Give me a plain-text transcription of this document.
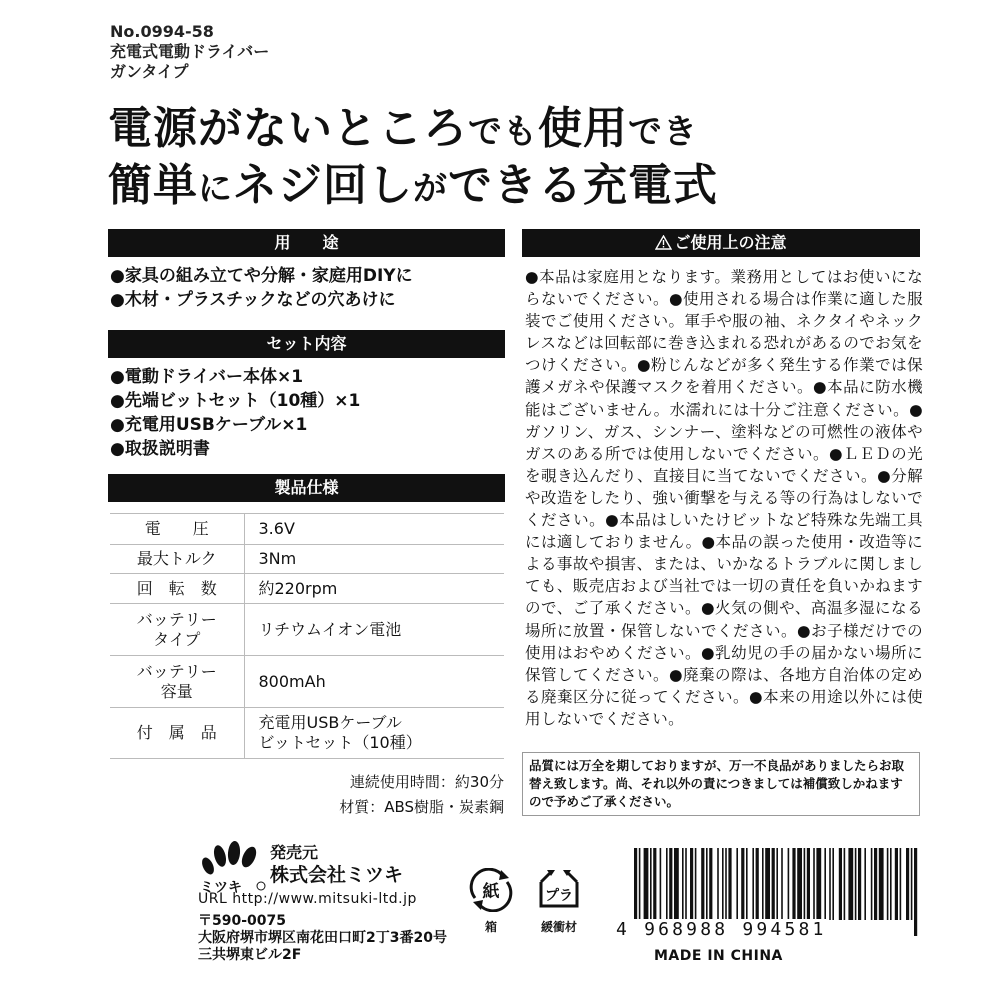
No.0994-58
充電式電動ドライバー
ガンタイプ
電源がないところでも使用でき
簡単にネジ回しができる充電式
用　　途
●家具の組み立てや分解・家庭用DIYに
●木材・プラスチックなどの穴あけに
セット内容
●電動ドライバー本体×1
●先端ビットセット（10種）×1
●充電用USBケーブル×1
●取扱説明書
製品仕様
電　　圧	3.6V
最大トルク	3Nm
回　転　数	約220rpm

バッテリー
タイプ	リチウムイオン電池

バッテリー
容量	800mAh
付　属　品	充電用USBケーブル
ビットセット（10種）
連続使用時間：約30分
材質：ABS樹脂・炭素鋼
ご使用上の注意
●本品は家庭用となります。業務用としてはお使いにならないでください。●使用される場合は作業に適した服装でご使用ください。軍手や服の袖、ネクタイやネックレスなどは回転部に巻き込まれる恐れがあるのでお気をつけください。●粉じんなどが多く発生する作業では保護メガネや保護マスクを着用ください。●本品に防水機能はございません。水濡れには十分ご注意ください。●ガソリン、ガス、シンナー、塗料などの可燃性の液体やガスのある所では使用しないでください。●ＬＥＤの光を覗き込んだり、直接目に当てないでください。●分解や改造をしたり、強い衝撃を与える等の行為はしないでください。●本品はしいたけビットなど特殊な先端工具には適しておりません。●本品の誤った使用・改造等による事故や損害、または、いかなるトラブルに関しましても、販売店および当社では一切の責任を負いかねますので、ご了承ください。●火気の側や、高温多湿になる場所に放置・保管しないでください。●お子様だけでの使用はおやめください。●乳幼児の手の届かない場所に保管してください。●廃棄の際は、各地方自治体の定める廃棄区分に従ってください。●本来の用途以外には使用しないでください。
品質には万全を期しておりますが、万一不良品がありましたらお取替え致します。尚、それ以外の責につきましては補償致しかねますので予めご了承ください。
ミツキ
発売元
株式会社ミツキ
URL http://www.mitsuki-ltd.jp
〒590-0075
大阪府堺市堺区南花田口町2丁3番20号
三共堺東ビル2F
紙
箱
プラ
緩衝材	4 968988 994581
MADE IN CHINA
